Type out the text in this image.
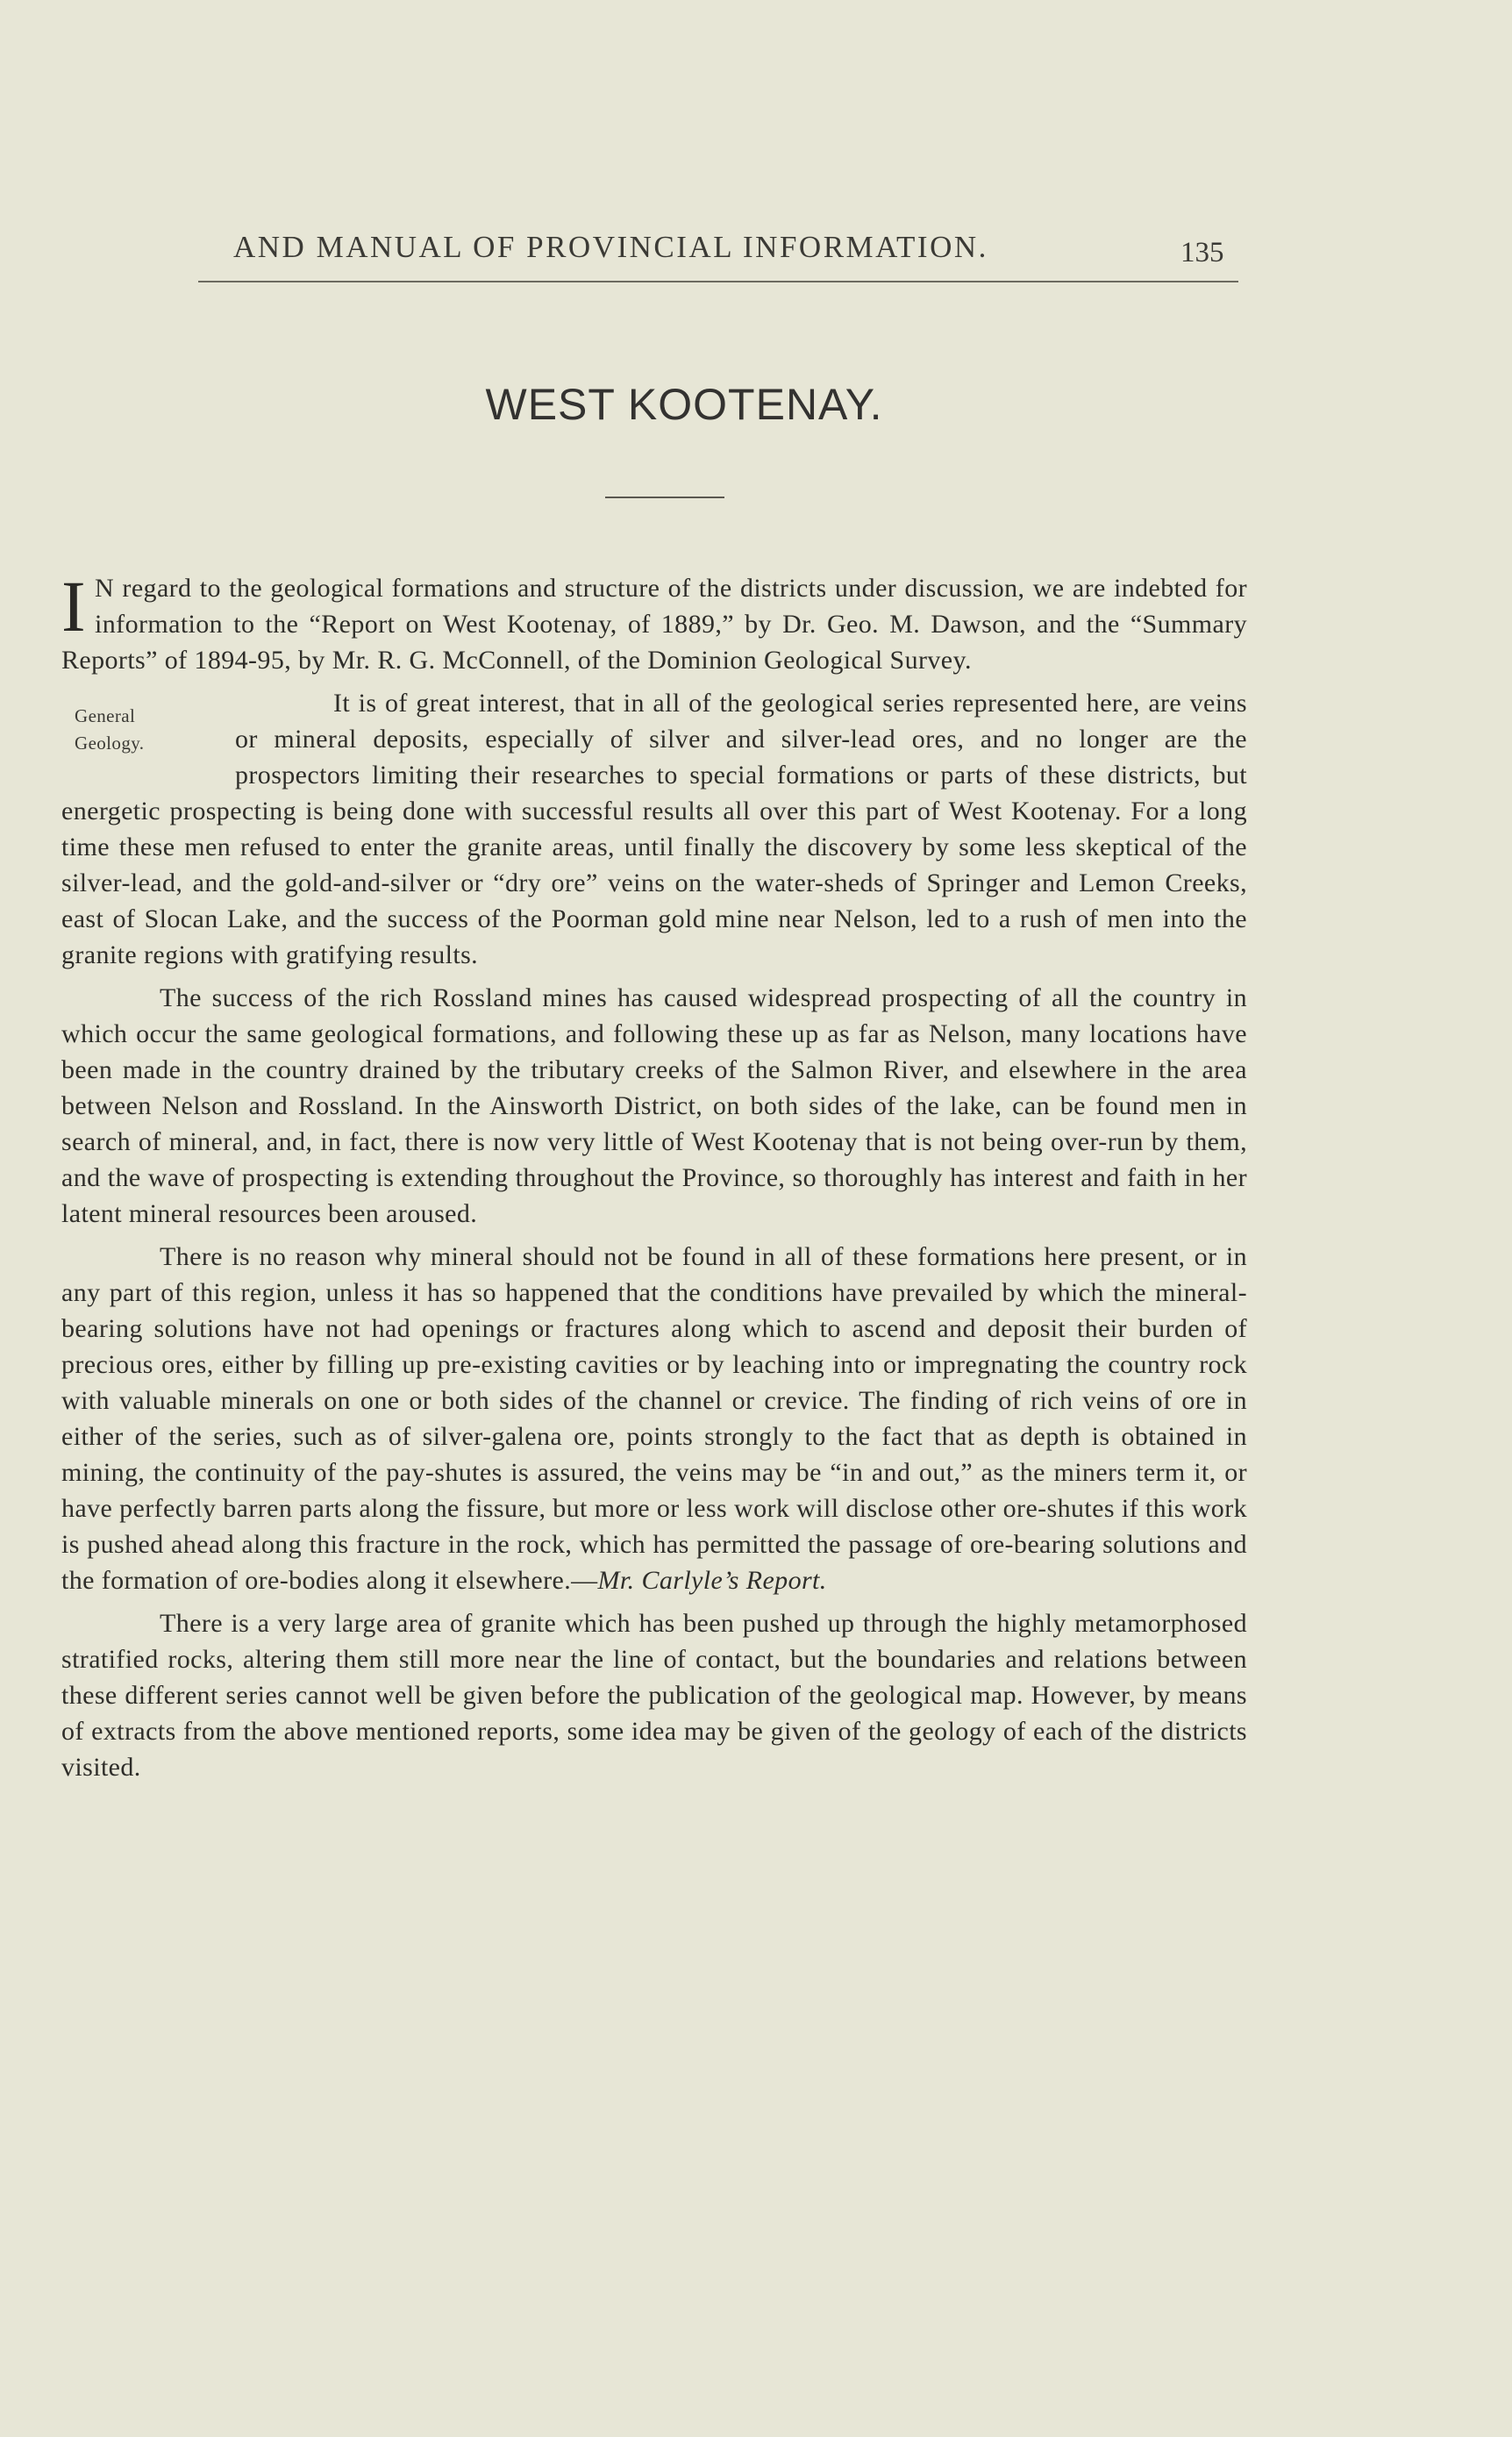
AND MANUAL OF PROVINCIAL INFORMATION.	135
WEST KOOTENAY.

I N regard to the geological formations and structure of the districts under discussion, we are indebted for information to the “Report on West Kootenay, of 1889,” by Dr. Geo. M. Dawson, and the “Summary Reports” of 1894-95, by Mr. R. G. McConnell, of the Dominion Geological Survey.

General
Geology.
It is of great interest, that in all of the geological series represented here, are veins or mineral deposits, especially of silver and silver-lead ores, and no longer are the prospectors limiting their researches to special formations or parts of these districts, but energetic prospecting is being done with successful results all over this part of West Kootenay. For a long time these men refused to enter the granite areas, until finally the discovery by some less skeptical of the silver-lead, and the gold-and-silver or “dry ore” veins on the water-sheds of Springer and Lemon Creeks, east of Slocan Lake, and the success of the Poorman gold mine near Nelson, led to a rush of men into the granite regions with gratifying results.

The success of the rich Rossland mines has caused widespread prospecting of all the country in which occur the same geological formations, and following these up as far as Nelson, many locations have been made in the country drained by the tributary creeks of the Salmon River, and elsewhere in the area between Nelson and Rossland. In the Ainsworth District, on both sides of the lake, can be found men in search of mineral, and, in fact, there is now very little of West Kootenay that is not being over-run by them, and the wave of prospecting is extending throughout the Province, so thoroughly has interest and faith in her latent mineral resources been aroused.

There is no reason why mineral should not be found in all of these formations here present, or in any part of this region, unless it has so happened that the conditions have prevailed by which the mineral-bearing solutions have not had openings or fractures along which to ascend and deposit their burden of precious ores, either by filling up pre-existing cavities or by leaching into or impregnating the country rock with valuable minerals on one or both sides of the channel or crevice. The finding of rich veins of ore in either of the series, such as of silver-galena ore, points strongly to the fact that as depth is obtained in mining, the continuity of the pay-shutes is assured, the veins may be “in and out,” as the miners term it, or have perfectly barren parts along the fissure, but more or less work will disclose other ore-shutes if this work is pushed ahead along this fracture in the rock, which has permitted the passage of ore-bearing solutions and the formation of ore-bodies along it elsewhere.—Mr. Carlyle’s Report.

There is a very large area of granite which has been pushed up through the highly metamorphosed stratified rocks, altering them still more near the line of contact, but the boundaries and relations between these different series cannot well be given before the publication of the geological map. However, by means of extracts from the above mentioned reports, some idea may be given of the geology of each of the districts visited.
